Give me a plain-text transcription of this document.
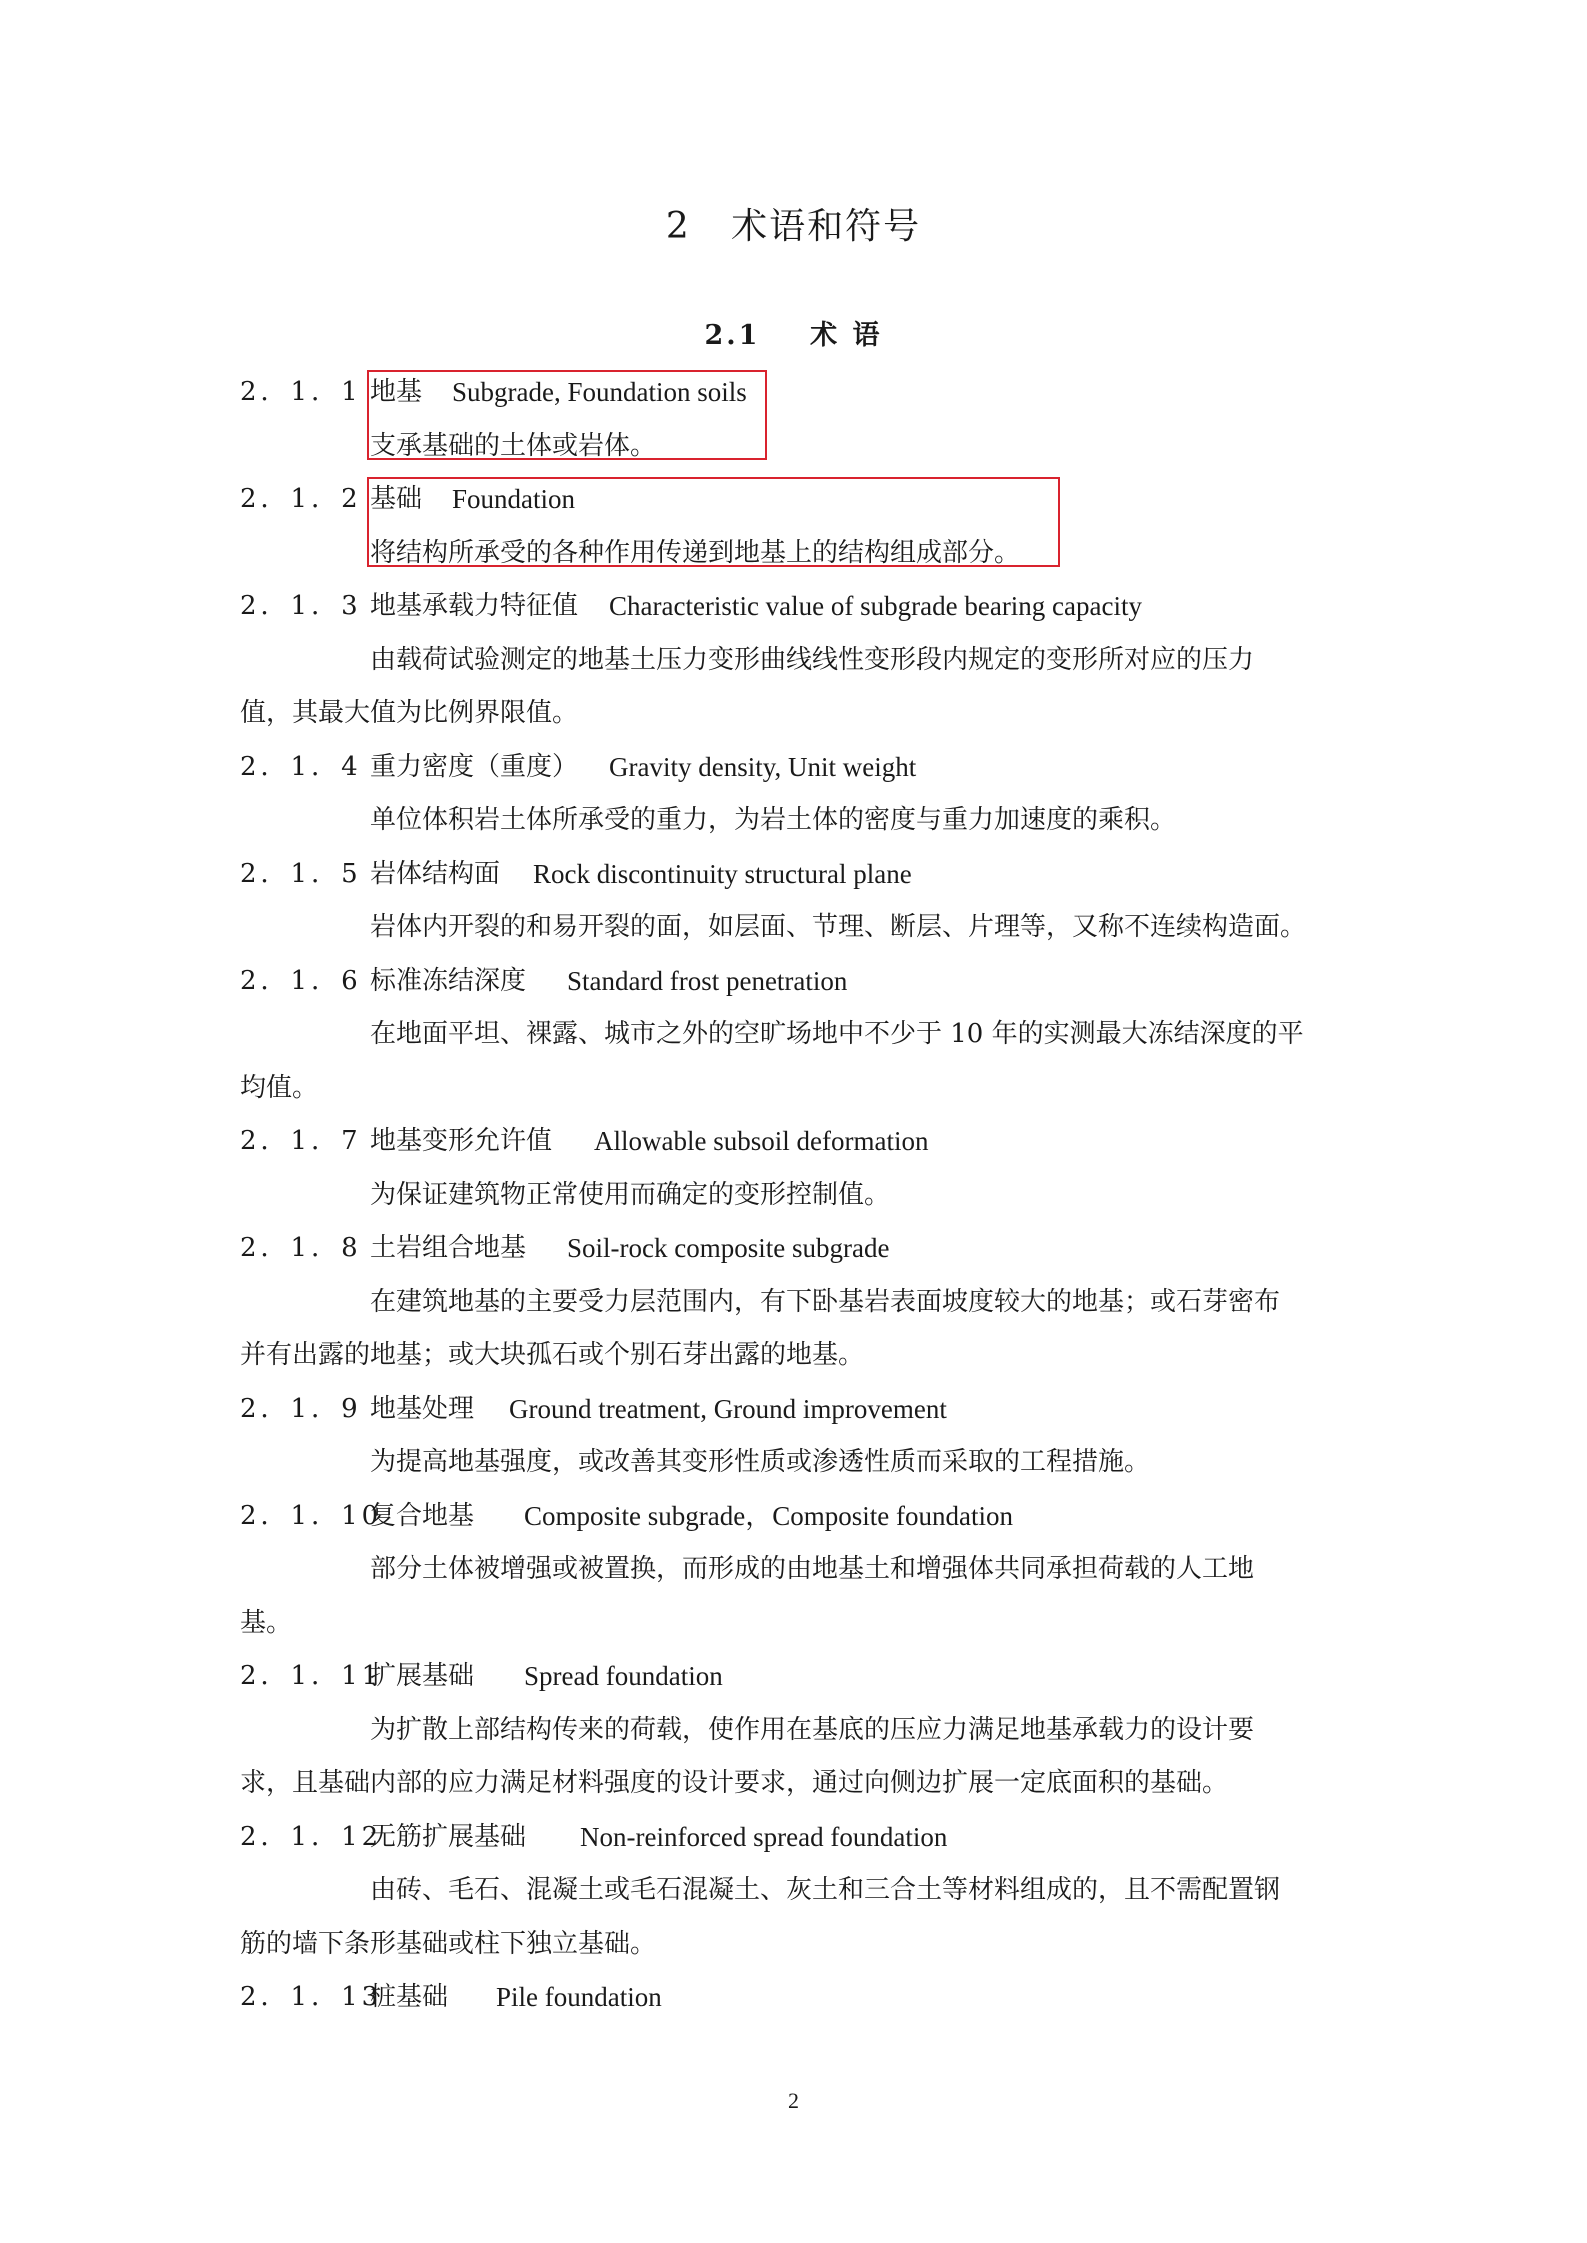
2 术语和符号
2.1 术 语
2．1．1 地基 Subgrade, Foundation soils
支承基础的土体或岩体。
2．1．2 基础 Foundation
将结构所承受的各种作用传递到地基上的结构组成部分。
2．1．3 地基承载力特征值 Characteristic value of subgrade bearing capacity
由载荷试验测定的地基土压力变形曲线线性变形段内规定的变形所对应的压力
值，其最大值为比例界限值。
2．1．4 重力密度（重度） Gravity density, Unit weight
单位体积岩土体所承受的重力，为岩土体的密度与重力加速度的乘积。
2．1．5 岩体结构面 Rock discontinuity structural plane
岩体内开裂的和易开裂的面，如层面、节理、断层、片理等，又称不连续构造面。
2．1．6 标准冻结深度 Standard frost penetration
在地面平坦、裸露、城市之外的空旷场地中不少于 10 年的实测最大冻结深度的平
均值。
2．1．7 地基变形允许值 Allowable subsoil deformation
为保证建筑物正常使用而确定的变形控制值。
2．1．8 土岩组合地基 Soil-rock composite subgrade
在建筑地基的主要受力层范围内，有下卧基岩表面坡度较大的地基；或石芽密布
并有出露的地基；或大块孤石或个别石芽出露的地基。
2．1．9 地基处理 Ground treatment, Ground improvement
为提高地基强度，或改善其变形性质或渗透性质而采取的工程措施。
2．1．10
复合地基 Composite subgrade，Composite foundation
部分土体被增强或被置换，而形成的由地基土和增强体共同承担荷载的人工地
基。
2．1．11
扩展基础 Spread foundation
为扩散上部结构传来的荷载，使作用在基底的压应力满足地基承载力的设计要
求，且基础内部的应力满足材料强度的设计要求，通过向侧边扩展一定底面积的基础。
2．1．12
无筋扩展基础 Non-reinforced spread foundation
由砖、毛石、混凝土或毛石混凝土、灰土和三合土等材料组成的，且不需配置钢
筋的墙下条形基础或柱下独立基础。
2．1．13
桩基础 Pile foundation
2
